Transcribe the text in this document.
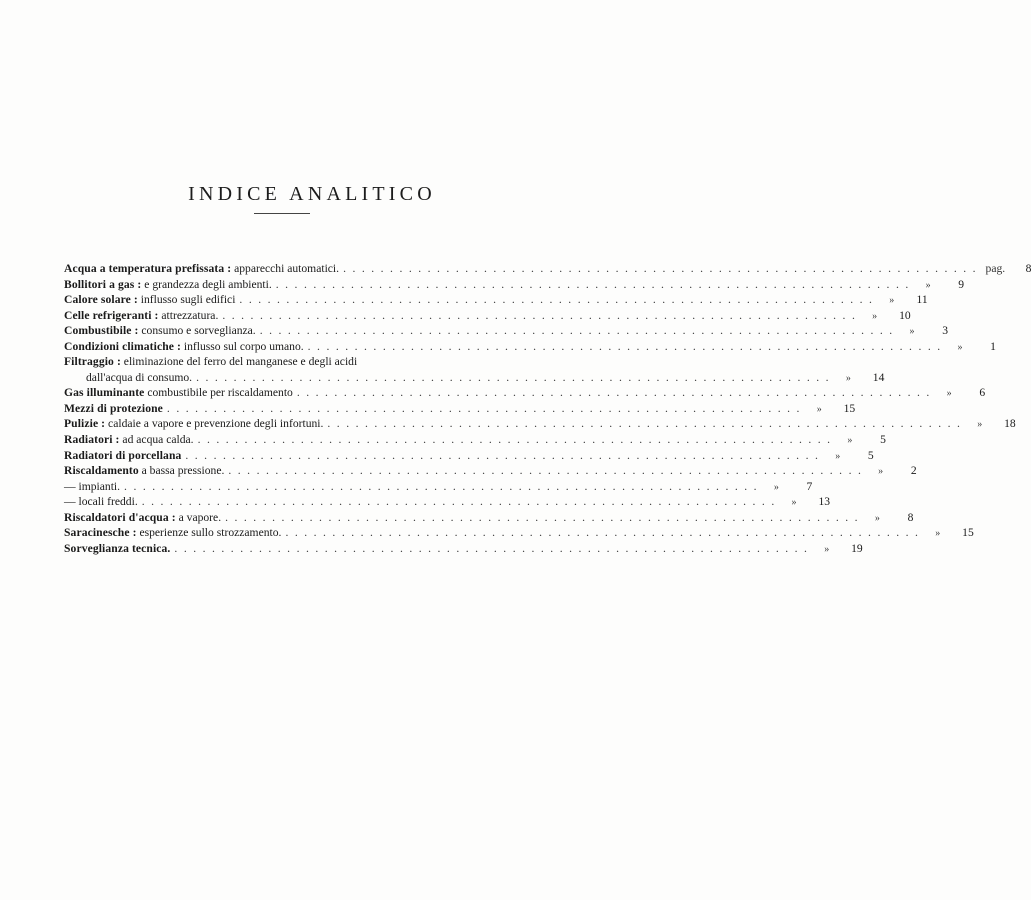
INDICE ANALITICO
Acqua a temperatura prefissata : apparecchi automatici. . . .	pag.	8
Bollitori a gas : e grandezza degli ambienti. . . .	»	9
Calore solare : influsso sugli edifici . . .	»	11
Celle refrigeranti : attrezzatura. . . .	»	10
Combustibile : consumo e sorveglianza. . . .	»	3
Condizioni climatiche : influsso sul corpo umano. . . .	»	1
Filtraggio : eliminazione del ferro del manganese e degli acidi
dall'acqua di consumo. . . .	»	14
Gas illuminante combustibile per riscaldamento . . .	»	6
Mezzi di protezione . . .	»	15
Pulizie : caldaie a vapore e prevenzione degli infortuni. . . .	»	18
Radiatori : ad acqua calda. . . .	»	5
Radiatori di porcellana . . .	»	5
Riscaldamento a bassa pressione. . . .	»	2
— impianti. . . .	»	7
— locali freddi. . . .	»	13
Riscaldatori d'acqua : a vapore. . . .	»	8
Saracinesche : esperienze sullo strozzamento. . . .	»	15
Sorveglianza tecnica. . . .	»	19
